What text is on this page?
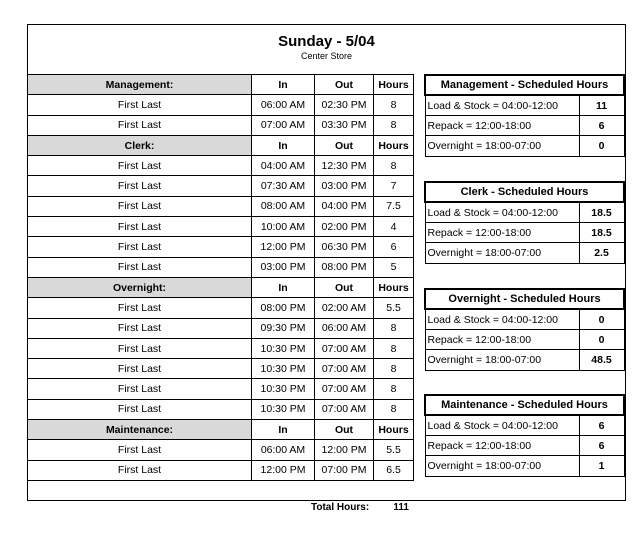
Sunday - 5/04
Center Store
Management:	In	Out	Hours
First Last	06:00 AM	02:30 PM	8
First Last	07:00 AM	03:30 PM	8
Clerk:	In	Out	Hours
First Last	04:00 AM	12:30 PM	8
First Last	07:30 AM	03:00 PM	7
First Last	08:00 AM	04:00 PM	7.5
First Last	10:00 AM	02:00 PM	4
First Last	12:00 PM	06:30 PM	6
First Last	03:00 PM	08:00 PM	5
Overnight:	In	Out	Hours
First Last	08:00 PM	02:00 AM	5.5
First Last	09:30 PM	06:00 AM	8
First Last	10:30 PM	07:00 AM	8
First Last	10:30 PM	07:00 AM	8
First Last	10:30 PM	07:00 AM	8
First Last	10:30 PM	07:00 AM	8
Maintenance:	In	Out	Hours
First Last	06:00 AM	12:00 PM	5.5
First Last	12:00 PM	07:00 PM	6.5
Total Hours:	111
Management - Scheduled Hours	
Load & Stock = 04:00-12:00	11
Repack = 12:00-18:00	6
Overnight = 18:00-07:00	0
Clerk - Scheduled Hours	
Load & Stock = 04:00-12:00	18.5
Repack = 12:00-18:00	18.5
Overnight = 18:00-07:00	2.5
Overnight - Scheduled Hours	
Load & Stock = 04:00-12:00	0
Repack = 12:00-18:00	0
Overnight = 18:00-07:00	48.5
Maintenance - Scheduled Hours	
Load & Stock = 04:00-12:00	6
Repack = 12:00-18:00	6
Overnight = 18:00-07:00	1
